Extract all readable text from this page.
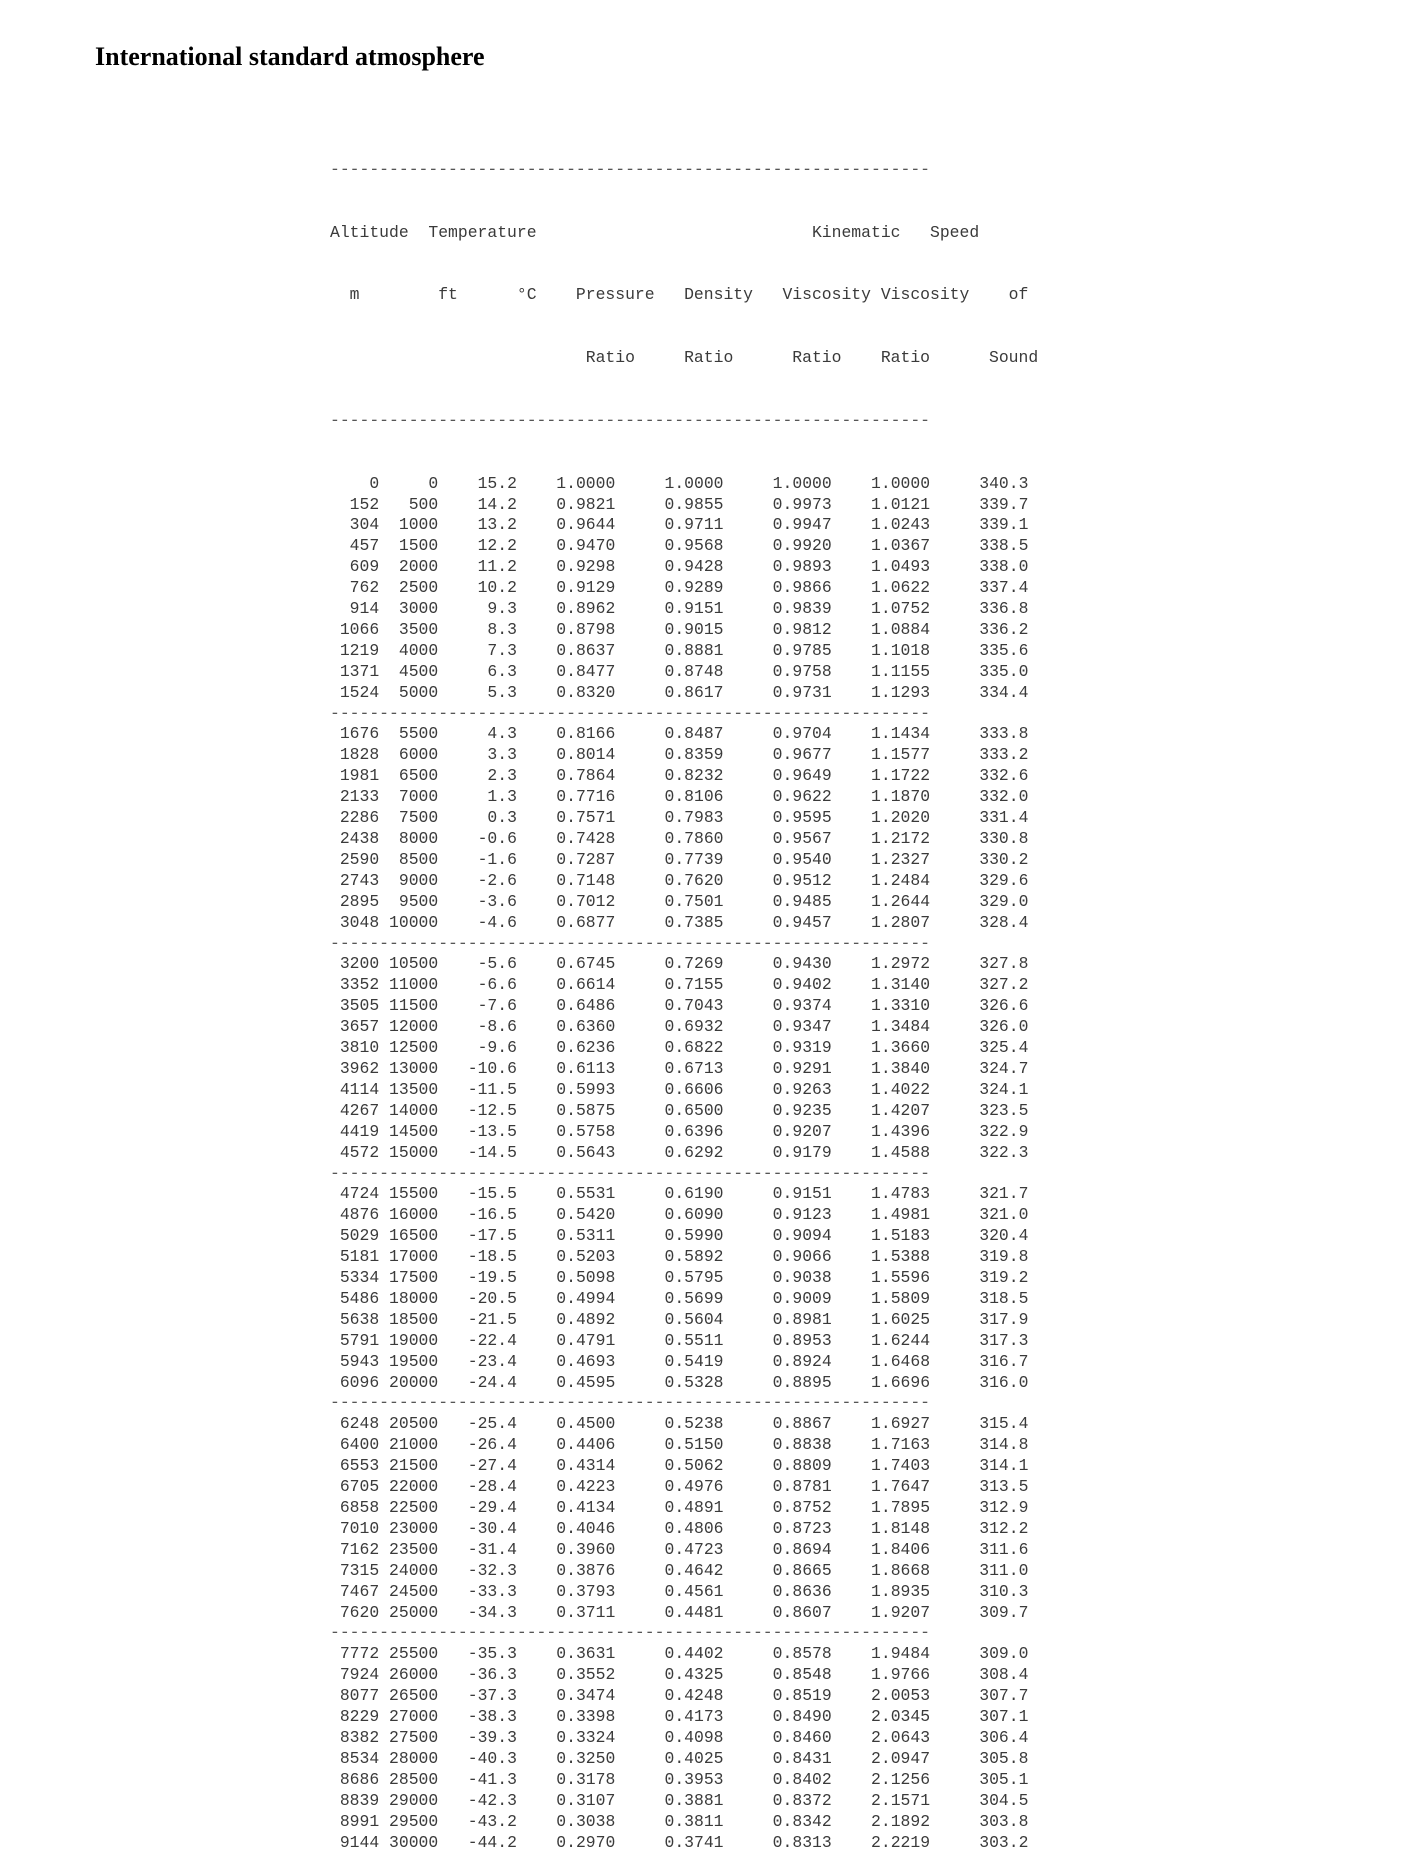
International standard atmosphere

-------------------------------------------------------------

Altitude  Temperature                            Kinematic   Speed

m        ft      °C    Pressure   Density   Viscosity Viscosity    of

Ratio     Ratio      Ratio    Ratio      Sound

-------------------------------------------------------------

0     0    15.2    1.0000     1.0000     1.0000    1.0000     340.3
152   500    14.2    0.9821     0.9855     0.9973    1.0121     339.7
304  1000    13.2    0.9644     0.9711     0.9947    1.0243     339.1
457  1500    12.2    0.9470     0.9568     0.9920    1.0367     338.5
609  2000    11.2    0.9298     0.9428     0.9893    1.0493     338.0
762  2500    10.2    0.9129     0.9289     0.9866    1.0622     337.4
914  3000     9.3    0.8962     0.9151     0.9839    1.0752     336.8
1066  3500     8.3    0.8798     0.9015     0.9812    1.0884     336.2
1219  4000     7.3    0.8637     0.8881     0.9785    1.1018     335.6
1371  4500     6.3    0.8477     0.8748     0.9758    1.1155     335.0
1524  5000     5.3    0.8320     0.8617     0.9731    1.1293     334.4
-------------------------------------------------------------
1676  5500     4.3    0.8166     0.8487     0.9704    1.1434     333.8
1828  6000     3.3    0.8014     0.8359     0.9677    1.1577     333.2
1981  6500     2.3    0.7864     0.8232     0.9649    1.1722     332.6
2133  7000     1.3    0.7716     0.8106     0.9622    1.1870     332.0
2286  7500     0.3    0.7571     0.7983     0.9595    1.2020     331.4
2438  8000    -0.6    0.7428     0.7860     0.9567    1.2172     330.8
2590  8500    -1.6    0.7287     0.7739     0.9540    1.2327     330.2
2743  9000    -2.6    0.7148     0.7620     0.9512    1.2484     329.6
2895  9500    -3.6    0.7012     0.7501     0.9485    1.2644     329.0
3048 10000    -4.6    0.6877     0.7385     0.9457    1.2807     328.4
-------------------------------------------------------------
3200 10500    -5.6    0.6745     0.7269     0.9430    1.2972     327.8
3352 11000    -6.6    0.6614     0.7155     0.9402    1.3140     327.2
3505 11500    -7.6    0.6486     0.7043     0.9374    1.3310     326.6
3657 12000    -8.6    0.6360     0.6932     0.9347    1.3484     326.0
3810 12500    -9.6    0.6236     0.6822     0.9319    1.3660     325.4
3962 13000   -10.6    0.6113     0.6713     0.9291    1.3840     324.7
4114 13500   -11.5    0.5993     0.6606     0.9263    1.4022     324.1
4267 14000   -12.5    0.5875     0.6500     0.9235    1.4207     323.5
4419 14500   -13.5    0.5758     0.6396     0.9207    1.4396     322.9
4572 15000   -14.5    0.5643     0.6292     0.9179    1.4588     322.3
-------------------------------------------------------------
4724 15500   -15.5    0.5531     0.6190     0.9151    1.4783     321.7
4876 16000   -16.5    0.5420     0.6090     0.9123    1.4981     321.0
5029 16500   -17.5    0.5311     0.5990     0.9094    1.5183     320.4
5181 17000   -18.5    0.5203     0.5892     0.9066    1.5388     319.8
5334 17500   -19.5    0.5098     0.5795     0.9038    1.5596     319.2
5486 18000   -20.5    0.4994     0.5699     0.9009    1.5809     318.5
5638 18500   -21.5    0.4892     0.5604     0.8981    1.6025     317.9
5791 19000   -22.4    0.4791     0.5511     0.8953    1.6244     317.3
5943 19500   -23.4    0.4693     0.5419     0.8924    1.6468     316.7
6096 20000   -24.4    0.4595     0.5328     0.8895    1.6696     316.0
-------------------------------------------------------------
6248 20500   -25.4    0.4500     0.5238     0.8867    1.6927     315.4
6400 21000   -26.4    0.4406     0.5150     0.8838    1.7163     314.8
6553 21500   -27.4    0.4314     0.5062     0.8809    1.7403     314.1
6705 22000   -28.4    0.4223     0.4976     0.8781    1.7647     313.5
6858 22500   -29.4    0.4134     0.4891     0.8752    1.7895     312.9
7010 23000   -30.4    0.4046     0.4806     0.8723    1.8148     312.2
7162 23500   -31.4    0.3960     0.4723     0.8694    1.8406     311.6
7315 24000   -32.3    0.3876     0.4642     0.8665    1.8668     311.0
7467 24500   -33.3    0.3793     0.4561     0.8636    1.8935     310.3
7620 25000   -34.3    0.3711     0.4481     0.8607    1.9207     309.7
-------------------------------------------------------------
7772 25500   -35.3    0.3631     0.4402     0.8578    1.9484     309.0
7924 26000   -36.3    0.3552     0.4325     0.8548    1.9766     308.4
8077 26500   -37.3    0.3474     0.4248     0.8519    2.0053     307.7
8229 27000   -38.3    0.3398     0.4173     0.8490    2.0345     307.1
8382 27500   -39.3    0.3324     0.4098     0.8460    2.0643     306.4
8534 28000   -40.3    0.3250     0.4025     0.8431    2.0947     305.8
8686 28500   -41.3    0.3178     0.3953     0.8402    2.1256     305.1
8839 29000   -42.3    0.3107     0.3881     0.8372    2.1571     304.5
8991 29500   -43.2    0.3038     0.3811     0.8342    2.1892     303.8
9144 30000   -44.2    0.2970     0.3741     0.8313    2.2219     303.2
